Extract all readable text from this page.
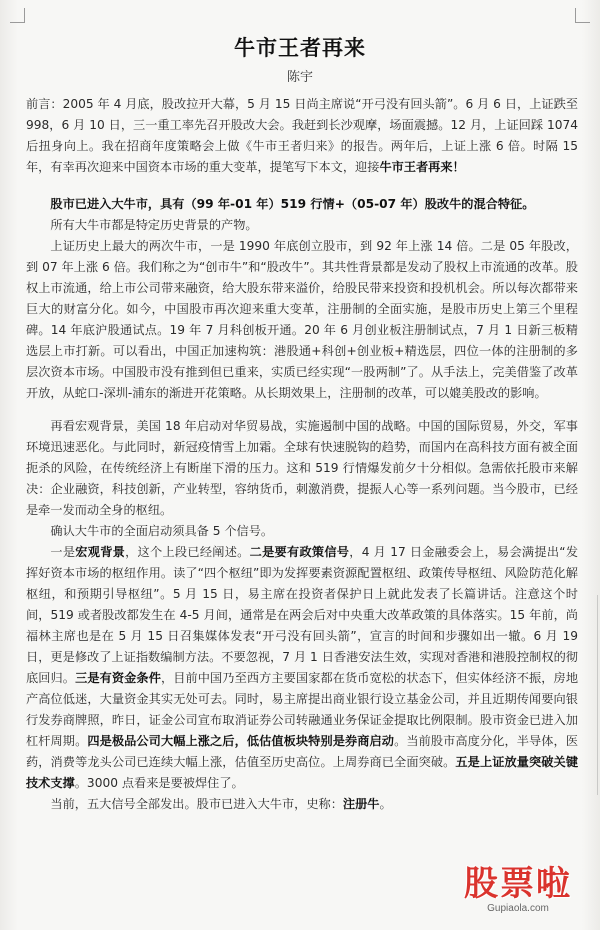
牛市王者再来
陈宇

前言：2005 年 4 月底，股改拉开大幕，5 月 15 日尚主席说“开弓没有回头箭”。6 月 6 日，上证跌至 998，6 月 10 日，三一重工率先召开股改大会。我赶到长沙观摩，场面震撼。12 月，上证回踩 1074 后扭身向上。我在招商年度策略会上做《牛市王者归来》的报告。两年后，上证上涨 6 倍。时隔 15 年，有幸再次迎来中国资本市场的重大变革，提笔写下本文，迎接牛市王者再来！

股市已进入大牛市，具有（99 年-01 年）519 行情+（05-07 年）股改牛的混合特征。

所有大牛市都是特定历史背景的产物。

上证历史上最大的两次牛市，一是 1990 年底创立股市，到 92 年上涨 14 倍。二是 05 年股改，到 07 年上涨 6 倍。我们称之为“创市牛”和“股改牛”。其共性背景都是发动了股权上市流通的改革。股权上市流通，给上市公司带来融资，给大股东带来溢价，给股民带来投资和投机机会。所以每次都带来巨大的财富分化。如今，中国股市再次迎来重大变革，注册制的全面实施，是股市历史上第三个里程碑。14 年底沪股通试点。19 年 7 月科创板开通。20 年 6 月创业板注册制试点，7 月 1 日新三板精选层上市打新。可以看出，中国正加速构筑：港股通+科创+创业板+精选层，四位一体的注册制的多层次资本市场。中国股市没有推到但已重来，实质已经实现“一股两制”了。从手法上，完美借鉴了改革开放，从蛇口-深圳-浦东的渐进开花策略。从长期效果上，注册制的改革，可以媲美股改的影响。

再看宏观背景，美国 18 年启动对华贸易战，实施遏制中国的战略。中国的国际贸易，外交，军事环境迅速恶化。与此同时，新冠疫情雪上加霜。全球有快速脱钩的趋势，而国内在高科技方面有被全面扼杀的风险，在传统经济上有断崖下滑的压力。这和 519 行情爆发前夕十分相似。急需依托股市来解决：企业融资，科技创新，产业转型，容纳货币，刺激消费，提振人心等一系列问题。当今股市，已经是牵一发而动全身的枢纽。

确认大牛市的全面启动须具备 5 个信号。

一是宏观背景，这个上段已经阐述。二是要有政策信号，4 月 17 日金融委会上，易会满提出“发挥好资本市场的枢纽作用。读了“四个枢纽”即为发挥要素资源配置枢纽、政策传导枢纽、风险防范化解枢纽，和预期引导枢纽”。5 月 15 日，易主席在投资者保护日上就此发表了长篇讲话。注意这个时间，519 或者股改都发生在 4-5 月间，通常是在两会后对中央重大改革政策的具体落实。15 年前，尚福林主席也是在 5 月 15 日召集媒体发表“开弓没有回头箭”，宣言的时间和步骤如出一辙。6 月 19 日，更是修改了上证指数编制方法。不要忽视，7 月 1 日香港安法生效，实现对香港和港股控制权的彻底回归。三是有资金条件，目前中国乃至西方主要国家都在货币宽松的状态下，但实体经济不振，房地产高位低迷，大量资金其实无处可去。同时，易主席提出商业银行设立基金公司，并且近期传闻要向银行发券商牌照，昨日，证金公司宣布取消证券公司转融通业务保证金提取比例限制。股市资金已进入加杠杆周期。四是极品公司大幅上涨之后，低估值板块特别是券商启动。当前股市高度分化，半导体，医药，消费等龙头公司已连续大幅上涨，估值至历史高位。上周券商已全面突破。五是上证放量突破关键技术支撑。3000 点看来是要被焊住了。

当前，五大信号全部发出。股市已进入大牛市，史称：注册牛。

股票啦
Gupiaola.com
